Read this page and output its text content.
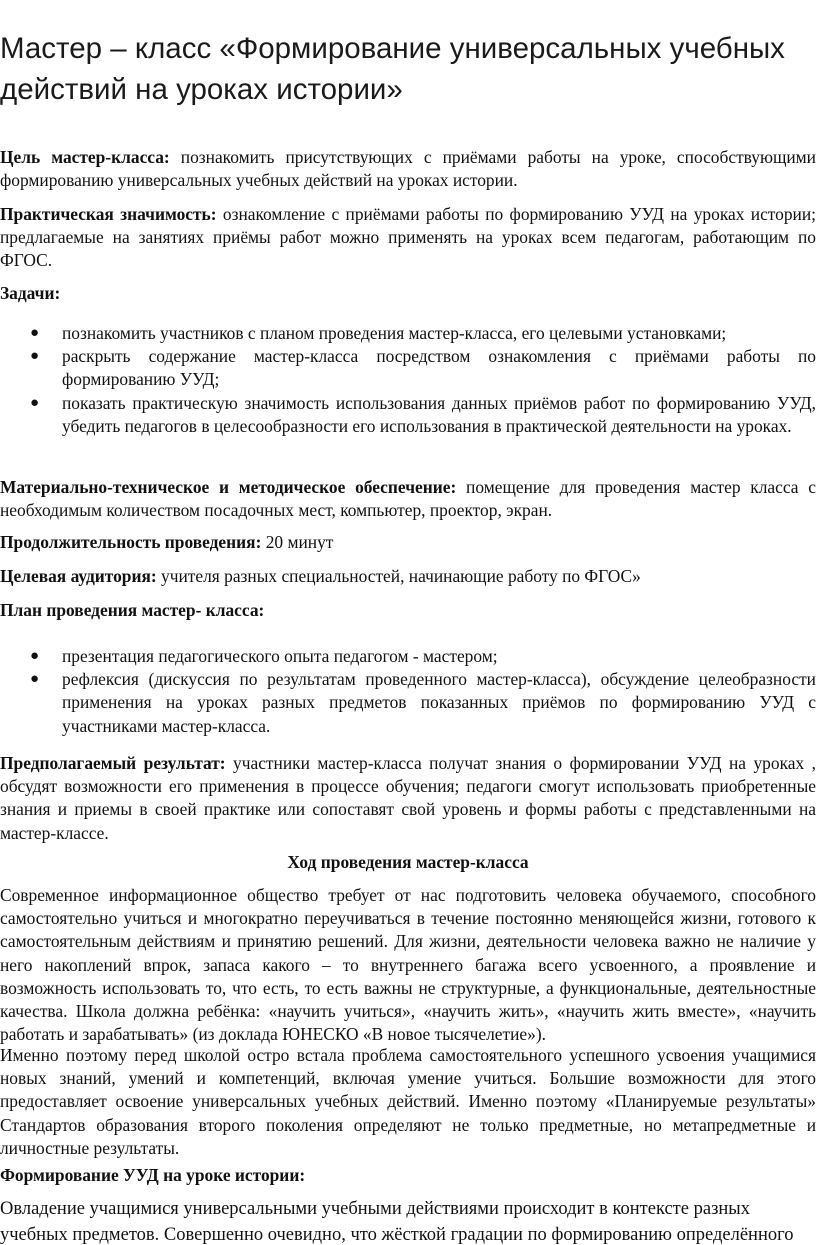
Мастер – класс «Формирование универсальных учебных действий на уроках истории»

Цель мастер-класса: познакомить присутствующих с приёмами работы на уроке, способствующими формированию универсальных учебных действий на уроках истории.

Практическая значимость: ознакомление с приёмами работы по формированию УУД на уроках истории; предлагаемые на занятиях приёмы работ можно применять на уроках всем педагогам, работающим по ФГОС.

Задачи:

● познакомить участников с планом проведения мастер-класса, его целевыми установками;
● раскрыть содержание мастер-класса посредством ознакомления с приёмами работы по формированию УУД;
● показать практическую значимость использования данных приёмов работ по формированию УУД, убедить педагогов в целесообразности его использования в практической деятельности на уроках.

Материально-техническое и методическое обеспечение: помещение для проведения мастер класса с необходимым количеством посадочных мест, компьютер, проектор, экран.

Продолжительность проведения: 20 минут

Целевая аудитория: учителя разных специальностей, начинающие работу по ФГОС»

План проведения мастер- класса:

● презентация педагогического опыта педагогом - мастером;
● рефлексия (дискуссия по результатам проведенного мастер-класса), обсуждение целеобразности применения на уроках разных предметов показанных приёмов по формированию УУД с участниками мастер-класса.

Предполагаемый результат: участники мастер-класса получат знания о формировании УУД на уроках , обсудят возможности его применения в процессе обучения; педагоги смогут использовать приобретенные знания и приемы в своей практике или сопоставят свой уровень и формы работы с представленными на мастер-классе.

Ход проведения мастер-класса

Современное информационное общество требует от нас подготовить человека обучаемого, способного самостоятельно учиться и многократно переучиваться в течение постоянно меняющейся жизни, готового к самостоятельным действиям и принятию решений. Для жизни, деятельности человека важно не наличие у него накоплений впрок, запаса какого – то внутреннего багажа всего усвоенного, а проявление и возможность использовать то, что есть, то есть важны не структурные, а функциональные, деятельностные качества. Школа должна ребёнка: «научить учиться», «научить жить», «научить жить вместе», «научить работать и зарабатывать» (из доклада ЮНЕСКО «В новое тысячелетие»).

Именно поэтому перед школой остро встала проблема самостоятельного успешного усвоения учащимися новых знаний, умений и компетенций, включая умение учиться. Большие возможности для этого предоставляет освоение универсальных учебных действий. Именно поэтому «Планируемые результаты» Стандартов образования второго поколения определяют не только предметные, но метапредметные и личностные результаты.

Формирование УУД на уроке истории:

Овладение учащимися универсальными учебными действиями происходит в контексте разных учебных предметов. Совершенно очевидно, что жёсткой градации по формированию определённого
